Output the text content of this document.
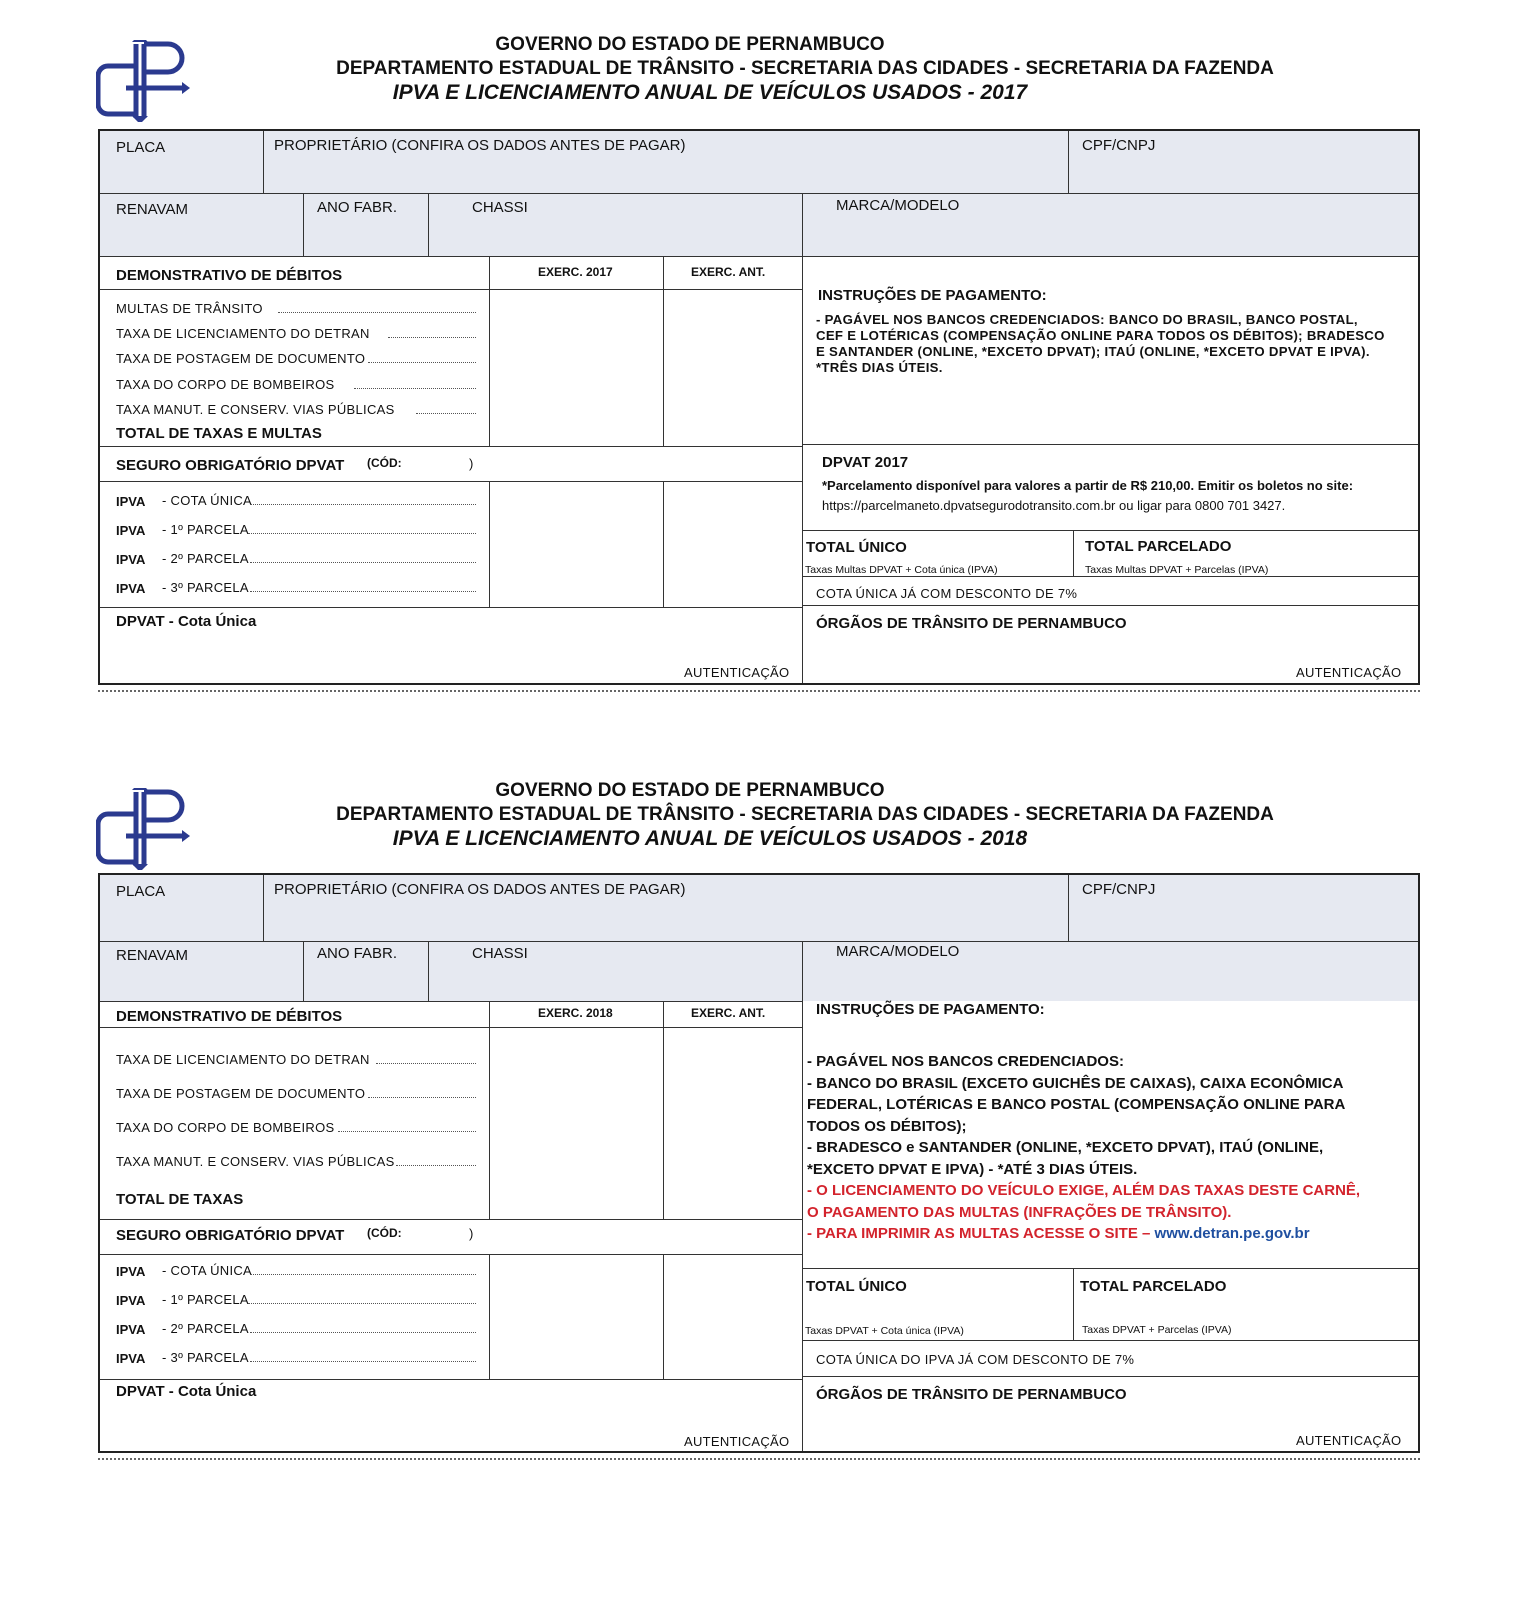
GOVERNO DO ESTADO DE PERNAMBUCO
DEPARTAMENTO ESTADUAL DE TRÂNSITO - SECRETARIA DAS CIDADES - SECRETARIA DA FAZENDA
IPVA E LICENCIAMENTO ANUAL DE VEÍCULOS USADOS - 2017
PLACA	PROPRIETÁRIO (CONFIRA OS DADOS ANTES DE PAGAR)	CPF/CNPJ
RENAVAM	ANO FABR.	CHASSI	MARCA/MODELO
DEMONSTRATIVO DE DÉBITOS	EXERC. 2017	EXERC. ANT.
MULTAS DE TRÂNSITO
TAXA DE LICENCIAMENTO DO DETRAN
TAXA DE POSTAGEM DE DOCUMENTO
TAXA DO CORPO DE BOMBEIROS
TAXA MANUT. E CONSERV. VIAS PÚBLICAS
TOTAL DE TAXAS E MULTAS
SEGURO OBRIGATÓRIO DPVAT (CÓD:	)
IPVA - COTA ÚNICA
IPVA - 1º PARCELA
IPVA - 2º PARCELA
IPVA - 3º PARCELA
DPVAT - Cota Única
AUTENTICAÇÃO
INSTRUÇÕES DE PAGAMENTO:
- PAGÁVEL NOS BANCOS CREDENCIADOS: BANCO DO BRASIL, BANCO POSTAL,
CEF E LOTÉRICAS (COMPENSAÇÃO ONLINE PARA TODOS OS DÉBITOS); BRADESCO
E SANTANDER (ONLINE, *EXCETO DPVAT); ITAÚ (ONLINE, *EXCETO DPVAT E IPVA).
*TRÊS DIAS ÚTEIS.
DPVAT 2017
*Parcelamento disponível para valores a partir de R$ 210,00. Emitir os boletos no site:
https://parcelmaneto.dpvatsegurodotransito.com.br ou ligar para 0800 701 3427.
TOTAL ÚNICO	TOTAL PARCELADO
Taxas Multas DPVAT + Cota única (IPVA)	Taxas Multas DPVAT + Parcelas (IPVA)
COTA ÚNICA JÁ COM DESCONTO DE 7%
ÓRGÃOS DE TRÂNSITO DE PERNAMBUCO
AUTENTICAÇÃO
GOVERNO DO ESTADO DE PERNAMBUCO
DEPARTAMENTO ESTADUAL DE TRÂNSITO - SECRETARIA DAS CIDADES - SECRETARIA DA FAZENDA
IPVA E LICENCIAMENTO ANUAL DE VEÍCULOS USADOS - 2018
PLACA	PROPRIETÁRIO (CONFIRA OS DADOS ANTES DE PAGAR)	CPF/CNPJ
RENAVAM	ANO FABR.	CHASSI	MARCA/MODELO
DEMONSTRATIVO DE DÉBITOS	EXERC. 2018	EXERC. ANT.
TAXA DE LICENCIAMENTO DO DETRAN
TAXA DE POSTAGEM DE DOCUMENTO
TAXA DO CORPO DE BOMBEIROS
TAXA MANUT. E CONSERV. VIAS PÚBLICAS
TOTAL DE TAXAS
SEGURO OBRIGATÓRIO DPVAT (CÓD:	)
IPVA - COTA ÚNICA
IPVA - 1º PARCELA
IPVA - 2º PARCELA
IPVA - 3º PARCELA
DPVAT - Cota Única
AUTENTICAÇÃO
INSTRUÇÕES DE PAGAMENTO:
- PAGÁVEL NOS BANCOS CREDENCIADOS:
- BANCO DO BRASIL (EXCETO GUICHÊS DE CAIXAS), CAIXA ECONÔMICA
FEDERAL, LOTÉRICAS E BANCO POSTAL (COMPENSAÇÃO ONLINE PARA
TODOS OS DÉBITOS);
- BRADESCO e SANTANDER (ONLINE, *EXCETO DPVAT), ITAÚ (ONLINE,
*EXCETO DPVAT E IPVA) - *ATÉ 3 DIAS ÚTEIS.
- O LICENCIAMENTO DO VEÍCULO EXIGE, ALÉM DAS TAXAS DESTE CARNÊ,
O PAGAMENTO DAS MULTAS (INFRAÇÕES DE TRÂNSITO).
- PARA IMPRIMIR AS MULTAS ACESSE O SITE – www.detran.pe.gov.br
TOTAL ÚNICO	TOTAL PARCELADO
Taxas DPVAT + Cota única (IPVA)	Taxas DPVAT + Parcelas (IPVA)
COTA ÚNICA DO IPVA JÁ COM DESCONTO DE 7%
ÓRGÃOS DE TRÂNSITO DE PERNAMBUCO
AUTENTICAÇÃO
